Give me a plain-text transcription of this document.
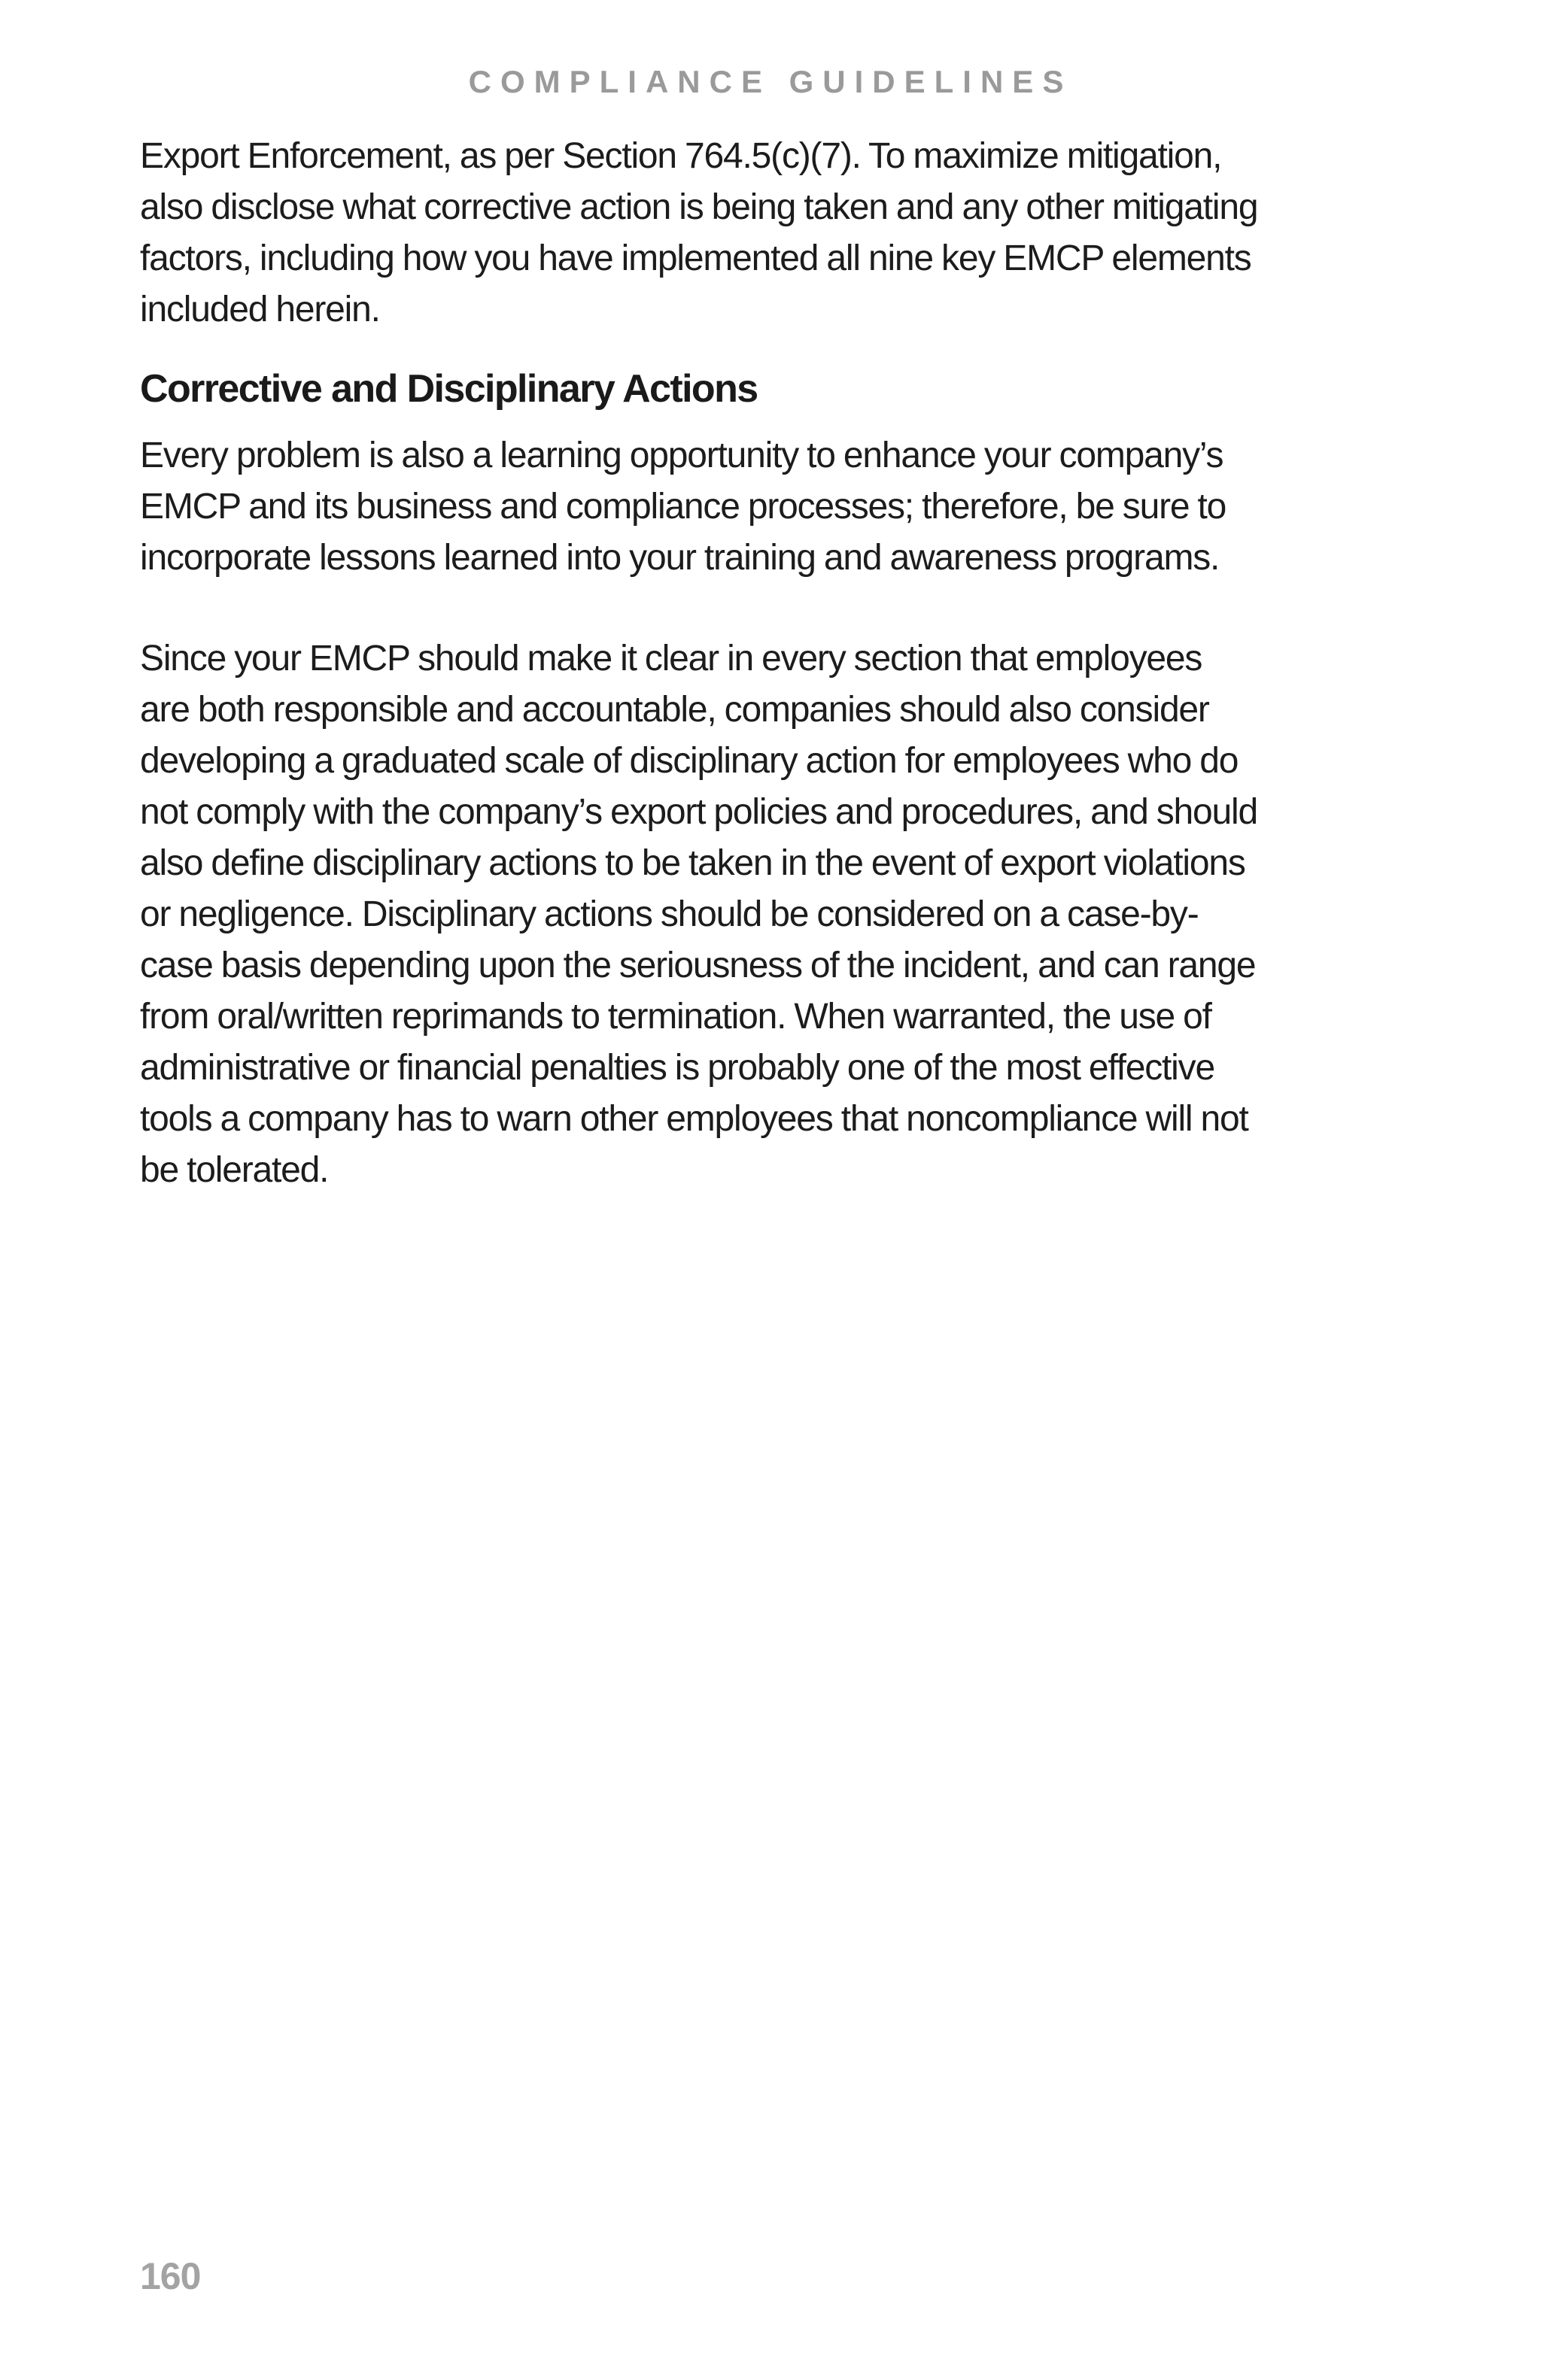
COMPLIANCE GUIDELINES

Export Enforcement, as per Section 764.5(c)(7). To maximize mitigation,
also disclose what corrective action is being taken and any other mitigating
factors, including how you have implemented all nine key EMCP elements
included herein.

Corrective and Disciplinary Actions

Every problem is also a learning opportunity to enhance your company’s
EMCP and its business and compliance processes; therefore, be sure to
incorporate lessons learned into your training and awareness programs.

Since your EMCP should make it clear in every section that employees
are both responsible and accountable, companies should also consider
developing a graduated scale of disciplinary action for employees who do
not comply with the company’s export policies and procedures, and should
also define disciplinary actions to be taken in the event of export violations
or negligence. Disciplinary actions should be considered on a case-by-
case basis depending upon the seriousness of the incident, and can range
from oral/written reprimands to termination. When warranted, the use of
administrative or financial penalties is probably one of the most effective
tools a company has to warn other employees that noncompliance will not
be tolerated.

160
